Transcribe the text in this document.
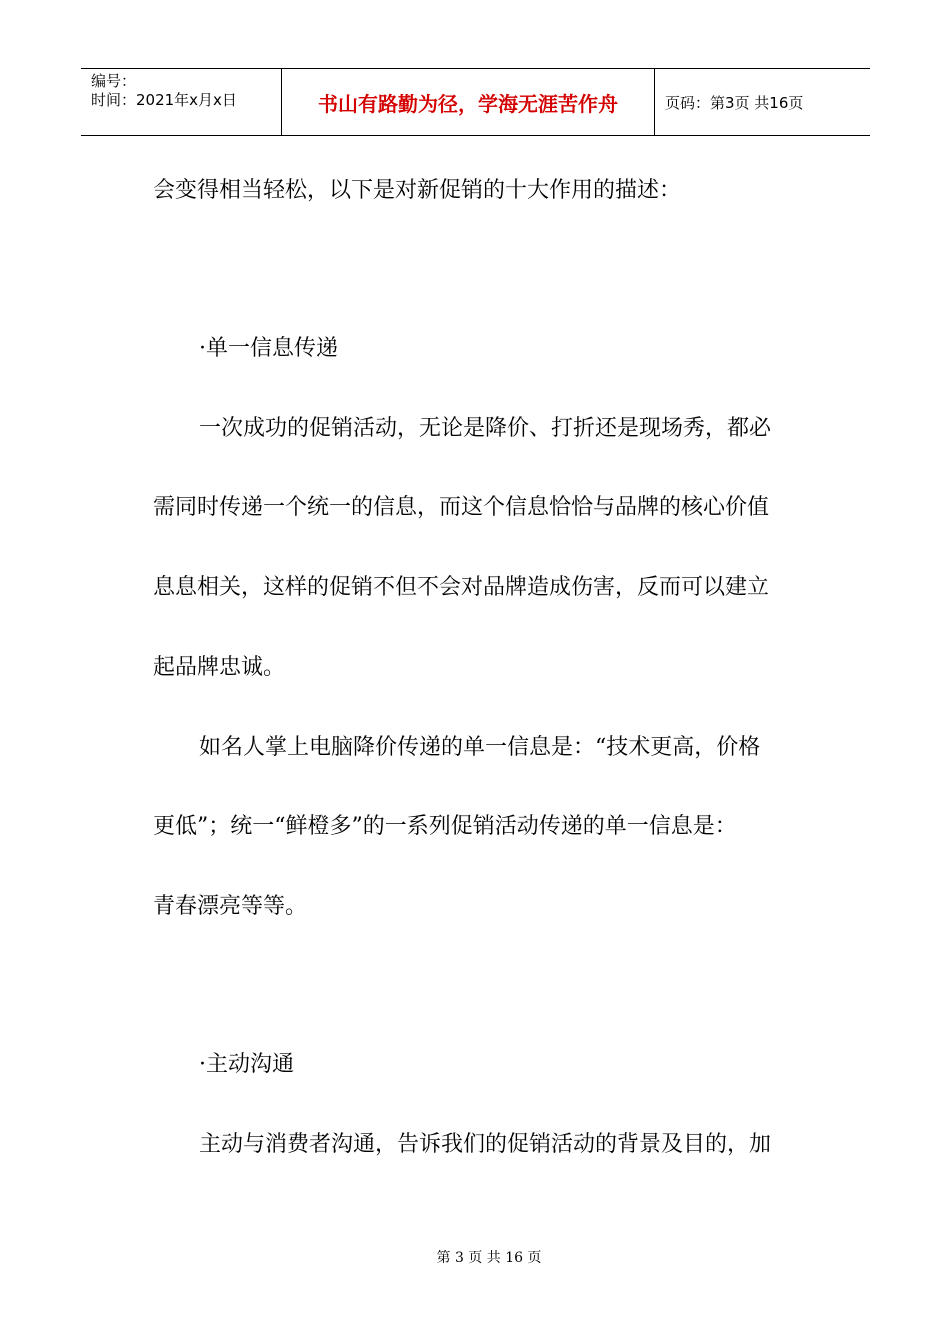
编号：
时间：2021年x月x日	书山有路勤为径，学海无涯苦作舟	页码：第3页 共16页
会变得相当轻松，以下是对新促销的十大作用的描述：
·单一信息传递
一次成功的促销活动，无论是降价、打折还是现场秀，都必
需同时传递一个统一的信息，而这个信息恰恰与品牌的核心价值
息息相关，这样的促销不但不会对品牌造成伤害，反而可以建立
起品牌忠诚。
如名人掌上电脑降价传递的单一信息是：“技术更高，价格
更低”；统一“鲜橙多”的一系列促销活动传递的单一信息是：
青春漂亮等等。
·主动沟通
主动与消费者沟通，告诉我们的促销活动的背景及目的，加
第 3 页 共 16 页
